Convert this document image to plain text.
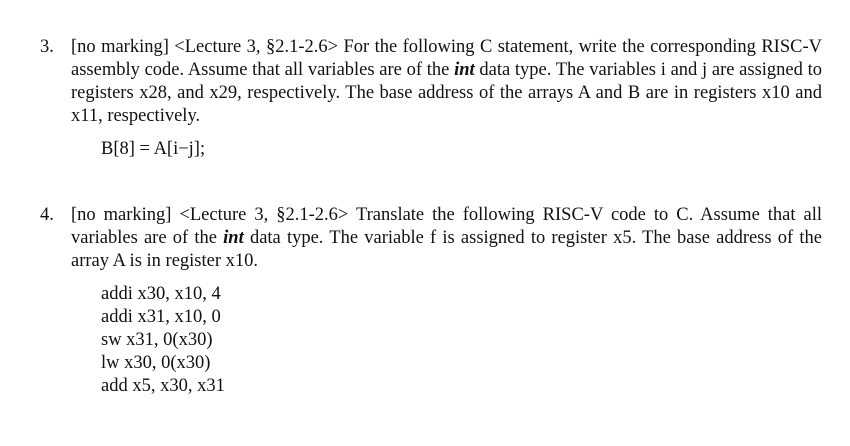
3. [no marking] <Lecture 3, §2.1-2.6> For the following C statement, write the corresponding RISC-V assembly code. Assume that all variables are of the int data type. The variables i and j are assigned to registers x28, and x29, respectively. The base address of the arrays A and B are in registers x10 and x11, respectively.
B[8] = A[i−j];
4. [no marking] <Lecture 3, §2.1-2.6> Translate the following RISC-V code to C. Assume that all variables are of the int data type. The variable f is assigned to register x5. The base address of the array A is in register x10.
addi x30, x10, 4
addi x31, x10, 0
sw x31, 0(x30)
lw x30, 0(x30)
add x5, x30, x31
